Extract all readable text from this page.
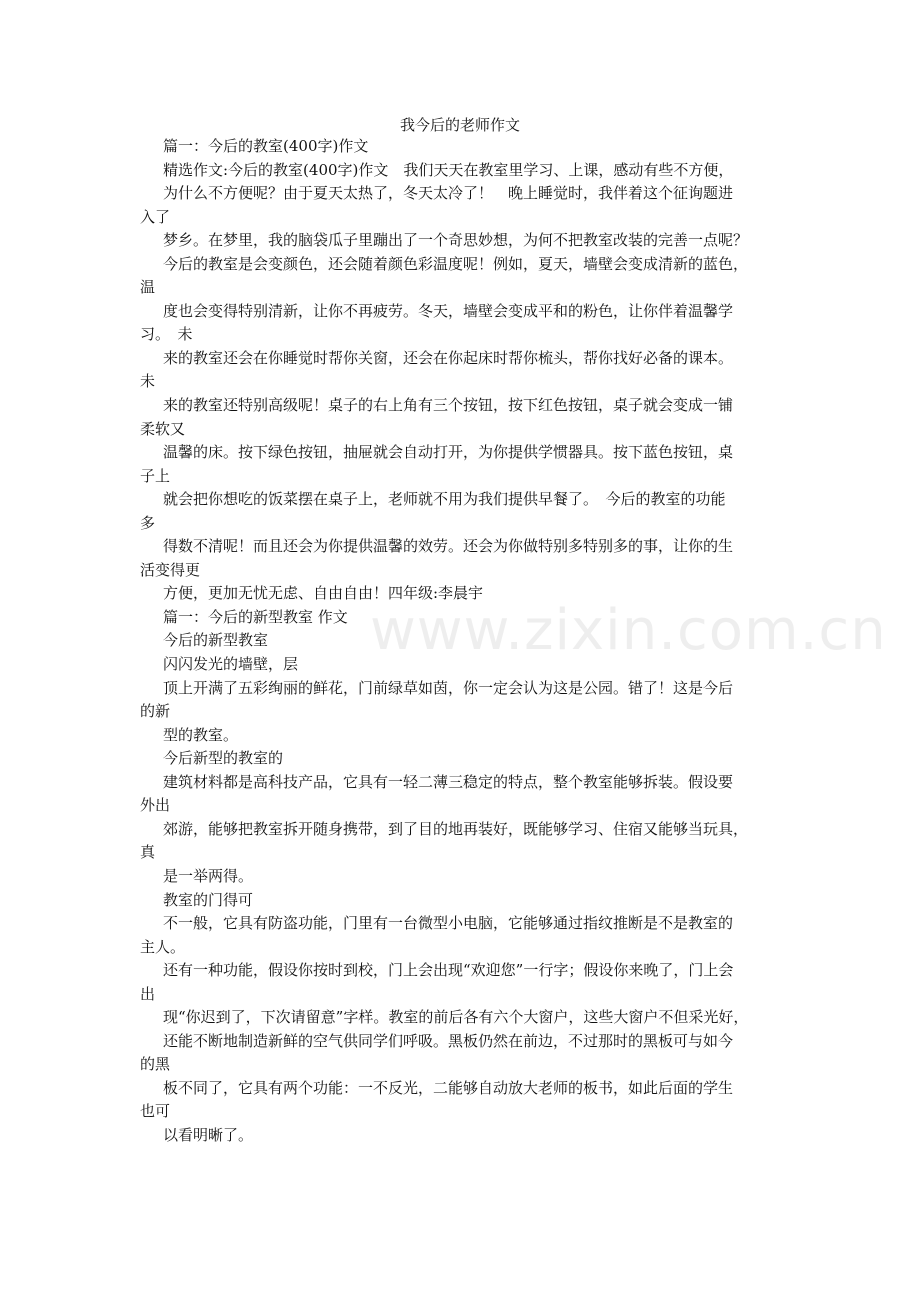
我今后的老师作文
篇一：今后的教室(400字)作文
精选作文:今后的教室(400字)作文　我们天天在教室里学习、上课，感动有些不方便，
为什么不方便呢？由于夏天太热了，冬天太冷了！　晚上睡觉时，我伴着这个征询题进
入了
梦乡。在梦里，我的脑袋瓜子里蹦出了一个奇思妙想，为何不把教室改装的完善一点呢？
今后的教室是会变颜色，还会随着颜色彩温度呢！例如，夏天，墙壁会变成清新的蓝色，
温
度也会变得特别清新，让你不再疲劳。冬天，墙壁会变成平和的粉色，让你伴着温馨学
习。　未
来的教室还会在你睡觉时帮你关窗，还会在你起床时帮你梳头，帮你找好必备的课本。
未
来的教室还特别高级呢！桌子的右上角有三个按钮，按下红色按钮，桌子就会变成一铺
柔软又
温馨的床。按下绿色按钮，抽屉就会自动打开，为你提供学惯器具。按下蓝色按钮，桌
子上
就会把你想吃的饭菜摆在桌子上，老师就不用为我们提供早餐了。　今后的教室的功能
多
得数不清呢！而且还会为你提供温馨的效劳。还会为你做特别多特别多的事，让你的生
活变得更
方便，更加无忧无虑、自由自由！四年级:李晨宇
篇一：今后的新型教室 作文
今后的新型教室
闪闪发光的墙壁，层
顶上开满了五彩绚丽的鲜花，门前绿草如茵，你一定会认为这是公园。错了！这是今后
的新
型的教室。
今后新型的教室的
建筑材料都是高科技产品，它具有一轻二薄三稳定的特点，整个教室能够拆装。假设要
外出
郊游，能够把教室拆开随身携带，到了目的地再装好，既能够学习、住宿又能够当玩具，
真
是一举两得。
教室的门得可
不一般，它具有防盗功能，门里有一台微型小电脑，它能够通过指纹推断是不是教室的
主人。
还有一种功能，假设你按时到校，门上会出现“欢迎您”一行字；假设你来晚了，门上会
出
现“你迟到了，下次请留意”字样。教室的前后各有六个大窗户，这些大窗户不但采光好，
还能不断地制造新鲜的空气供同学们呼吸。黑板仍然在前边，不过那时的黑板可与如今
的黑
板不同了，它具有两个功能：一不反光，二能够自动放大老师的板书，如此后面的学生
也可
以看明晰了。
www.zixin.com.cn
